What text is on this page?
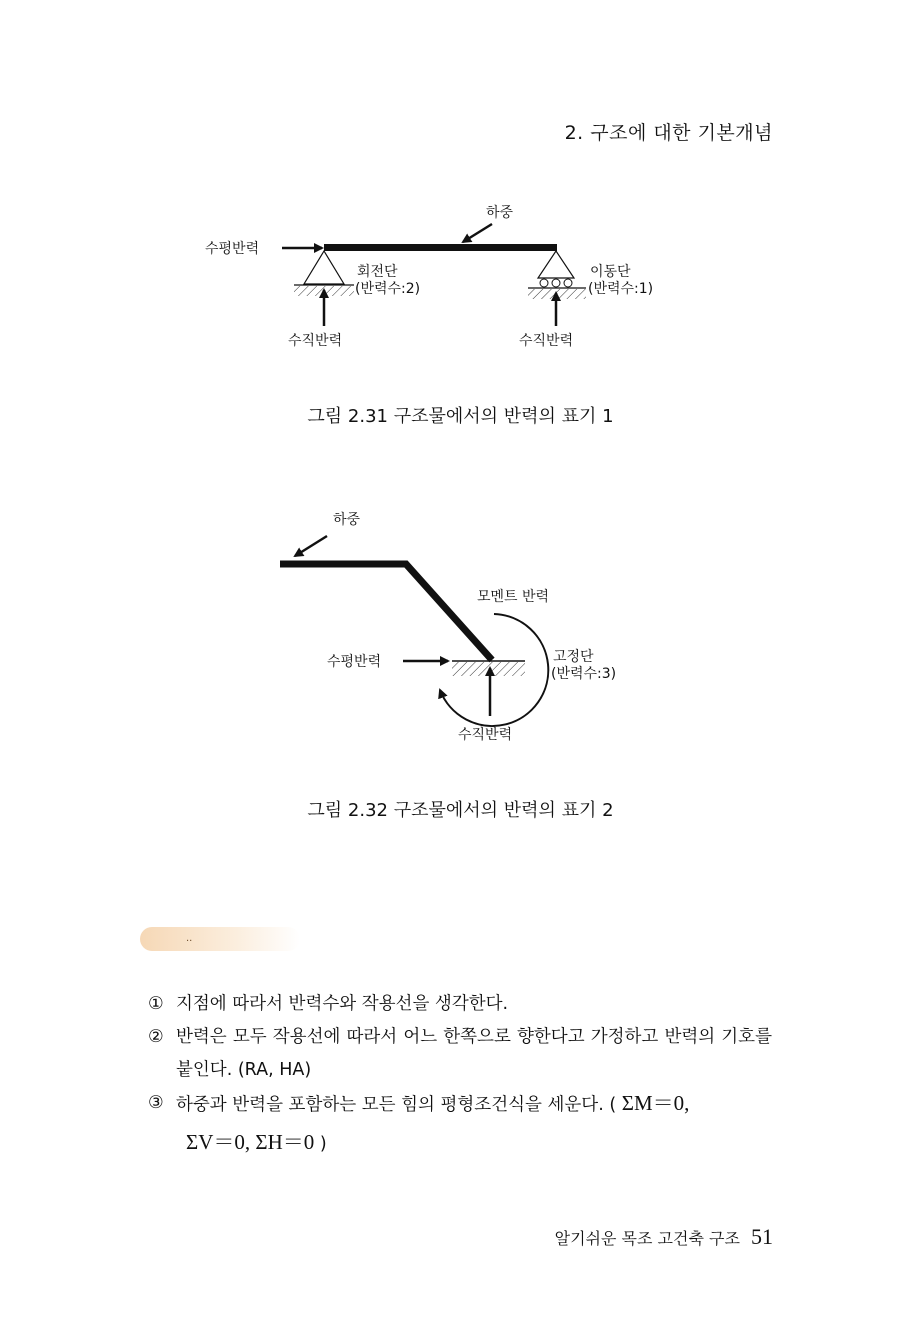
2. 구조에 대한 기본개념
하중
수평반력
회전단
(반력수:2)
수직반력
이동단
(반력수:1)
수직반력
그림 2.31 구조물에서의 반력의 표기 1
하중
모멘트 반력
수평반력	고정단
(반력수:3)
수직반력
그림 2.32 구조물에서의 반력의 표기 2
..
① 지점에 따라서 반력수와 작용선을 생각한다.
② 반력은 모두 작용선에 따라서 어느 한쪽으로 향한다고 가정하고 반력의 기호를 붙인다. (RA, HA)
③ 하중과 반력을 포함하는 모든 힘의 평형조건식을 세운다. ( ΣM＝0,
ΣV＝0, ΣH＝0 )
알기쉬운 목조 고건축 구조 51
